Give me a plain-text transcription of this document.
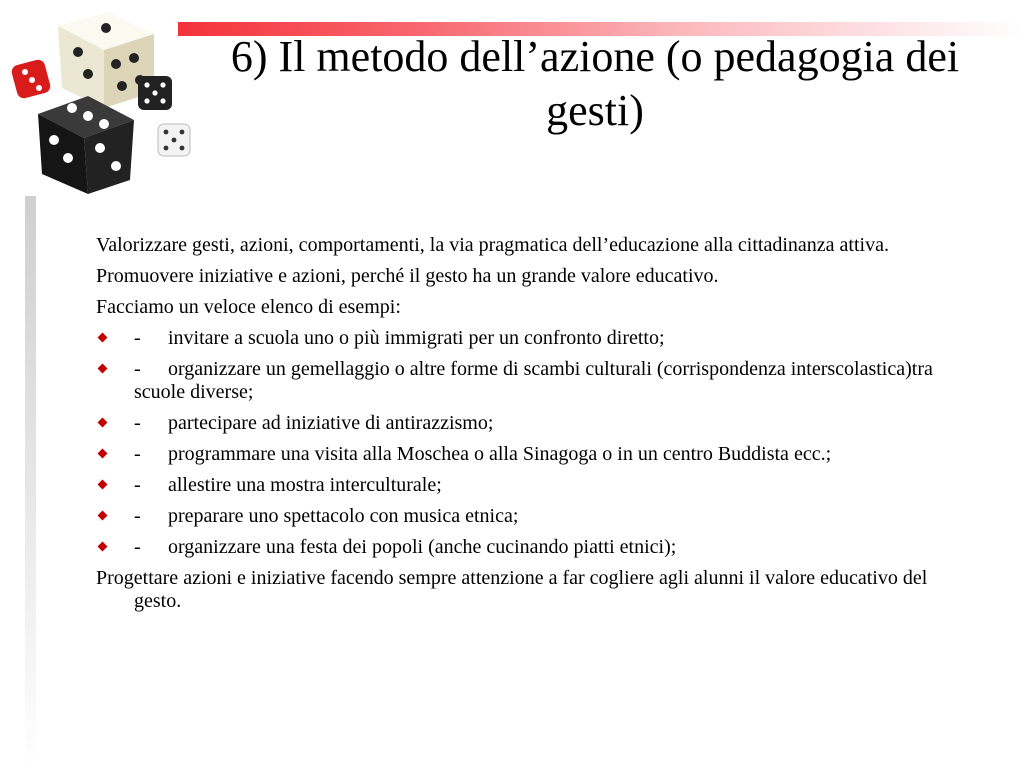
6) Il metodo dell’azione (o pedagogia dei gesti)

Valorizzare gesti, azioni, comportamenti, la via pragmatica dell’educazione alla cittadinanza attiva.

Promuovere iniziative e azioni, perché il gesto ha un grande valore educativo.

Facciamo un veloce elenco di esempi:

- invitare a scuola uno o più immigrati per un confronto diretto;
- organizzare un gemellaggio o altre forme di scambi culturali (corrispondenza interscolastica)tra scuole diverse;
- partecipare ad iniziative di antirazzismo;
- programmare una visita alla Moschea o alla Sinagoga o in un centro Buddista ecc.;
- allestire una mostra interculturale;
- preparare uno spettacolo con musica etnica;
- organizzare una festa dei popoli (anche cucinando piatti etnici);

Progettare azioni e iniziative facendo sempre attenzione a far cogliere agli alunni il valore educativo del gesto.
